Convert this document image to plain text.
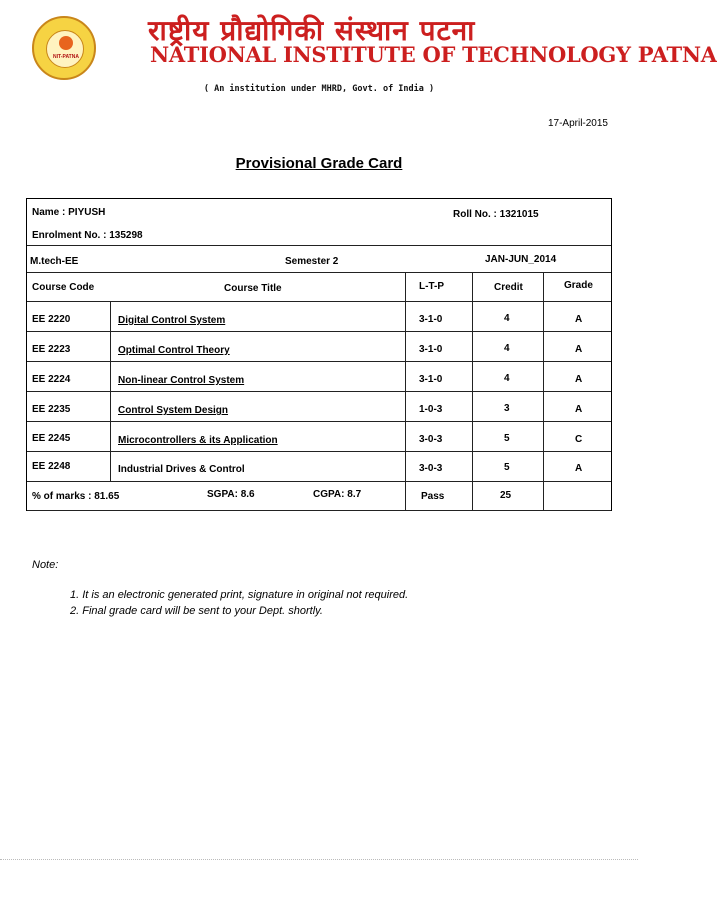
NIT-PATNA
राष्ट्रीय प्रौद्योगिकी संस्थान पटना
NATIONAL INSTITUTE OF TECHNOLOGY PATNA
( An institution under MHRD, Govt. of India )
17-April-2015
Provisional Grade Card
Name : PIYUSH	Roll No. : 1321015
Enrolment No. : 135298
M.tech-EE	Semester 2	JAN-JUN_2014
Course Code	Course Title	L-T-P	Credit	Grade
EE 2220	Digital Control System	3-1-0	4	A
EE 2223	Optimal Control Theory	3-1-0	4	A
EE 2224	Non-linear Control System	3-1-0	4	A
EE 2235	Control System Design	1-0-3	3	A
EE 2245	Microcontrollers & its Application	3-0-3	5	C
EE 2248	Industrial Drives & Control	3-0-3	5	A
% of marks : 81.65	SGPA: 8.6	CGPA: 8.7	Pass	25
Note:
1. It is an electronic generated print, signature in original not required.
2. Final grade card will be sent to your Dept. shortly.
